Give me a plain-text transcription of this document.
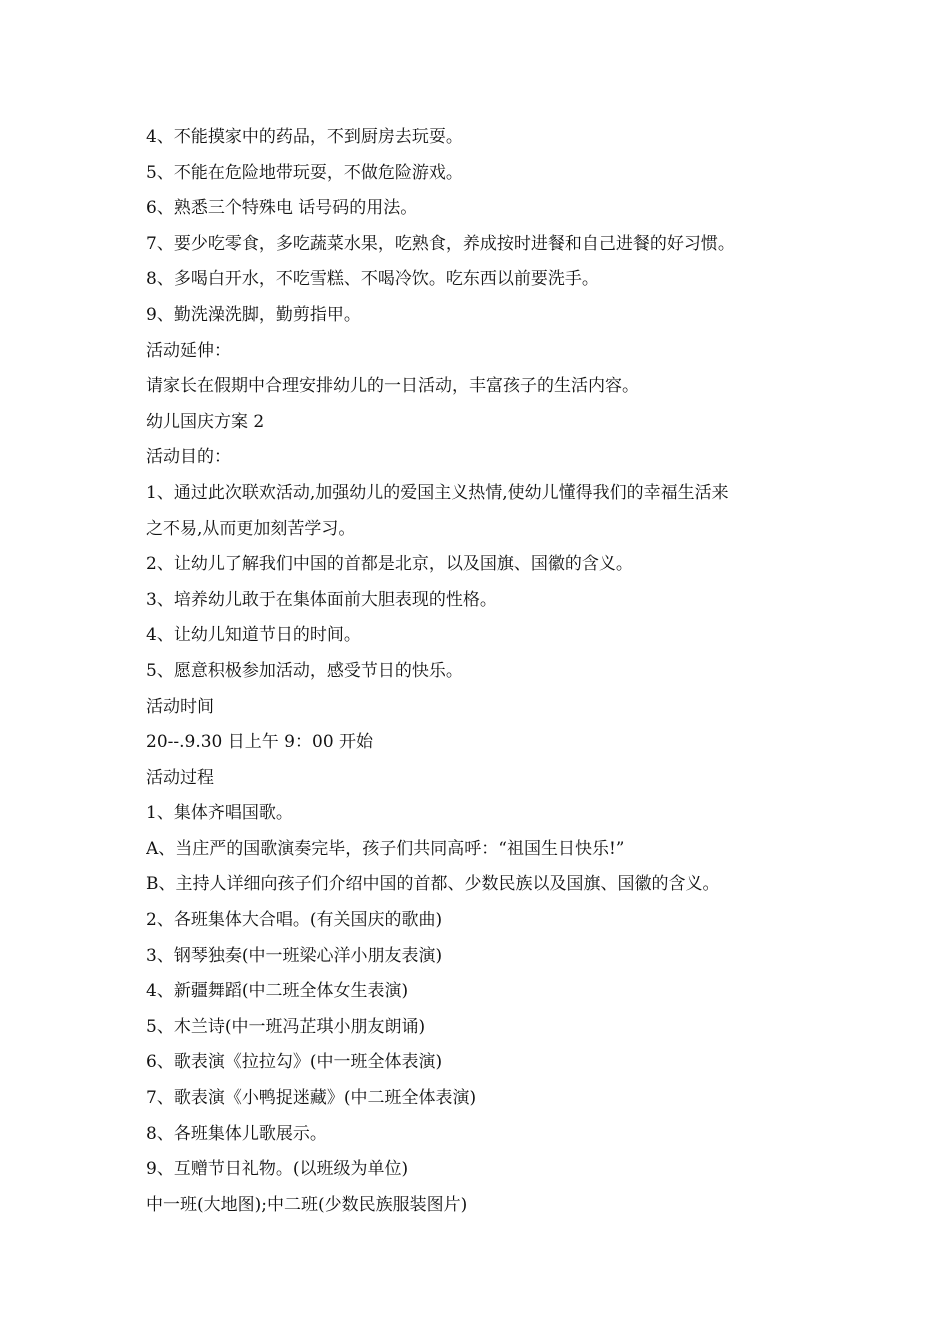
4、不能摸家中的药品，不到厨房去玩耍。
5、不能在危险地带玩耍，不做危险游戏。
6、熟悉三个特殊电 话号码的用法。
7、要少吃零食，多吃蔬菜水果，吃熟食，养成按时进餐和自己进餐的好习惯。
8、多喝白开水，不吃雪糕、不喝冷饮。吃东西以前要洗手。
9、勤洗澡洗脚，勤剪指甲。
活动延伸：
请家长在假期中合理安排幼儿的一日活动，丰富孩子的生活内容。
幼儿国庆方案 2
活动目的：
1、通过此次联欢活动,加强幼儿的爱国主义热情,使幼儿懂得我们的幸福生活来
之不易,从而更加刻苦学习。
2、让幼儿了解我们中国的首都是北京，以及国旗、国徽的含义。
3、培养幼儿敢于在集体面前大胆表现的性格。
4、让幼儿知道节日的时间。
5、愿意积极参加活动，感受节日的快乐。
活动时间
20--.9.30 日上午 9：00 开始
活动过程
1、集体齐唱国歌。
A、当庄严的国歌演奏完毕，孩子们共同高呼：“祖国生日快乐!”
B、主持人详细向孩子们介绍中国的首都、少数民族以及国旗、国徽的含义。
2、各班集体大合唱。(有关国庆的歌曲)
3、钢琴独奏(中一班梁心洋小朋友表演)
4、新疆舞蹈(中二班全体女生表演)
5、木兰诗(中一班冯芷琪小朋友朗诵)
6、歌表演《拉拉勾》(中一班全体表演)
7、歌表演《小鸭捉迷藏》(中二班全体表演)
8、各班集体儿歌展示。
9、互赠节日礼物。(以班级为单位)
中一班(大地图);中二班(少数民族服装图片)
